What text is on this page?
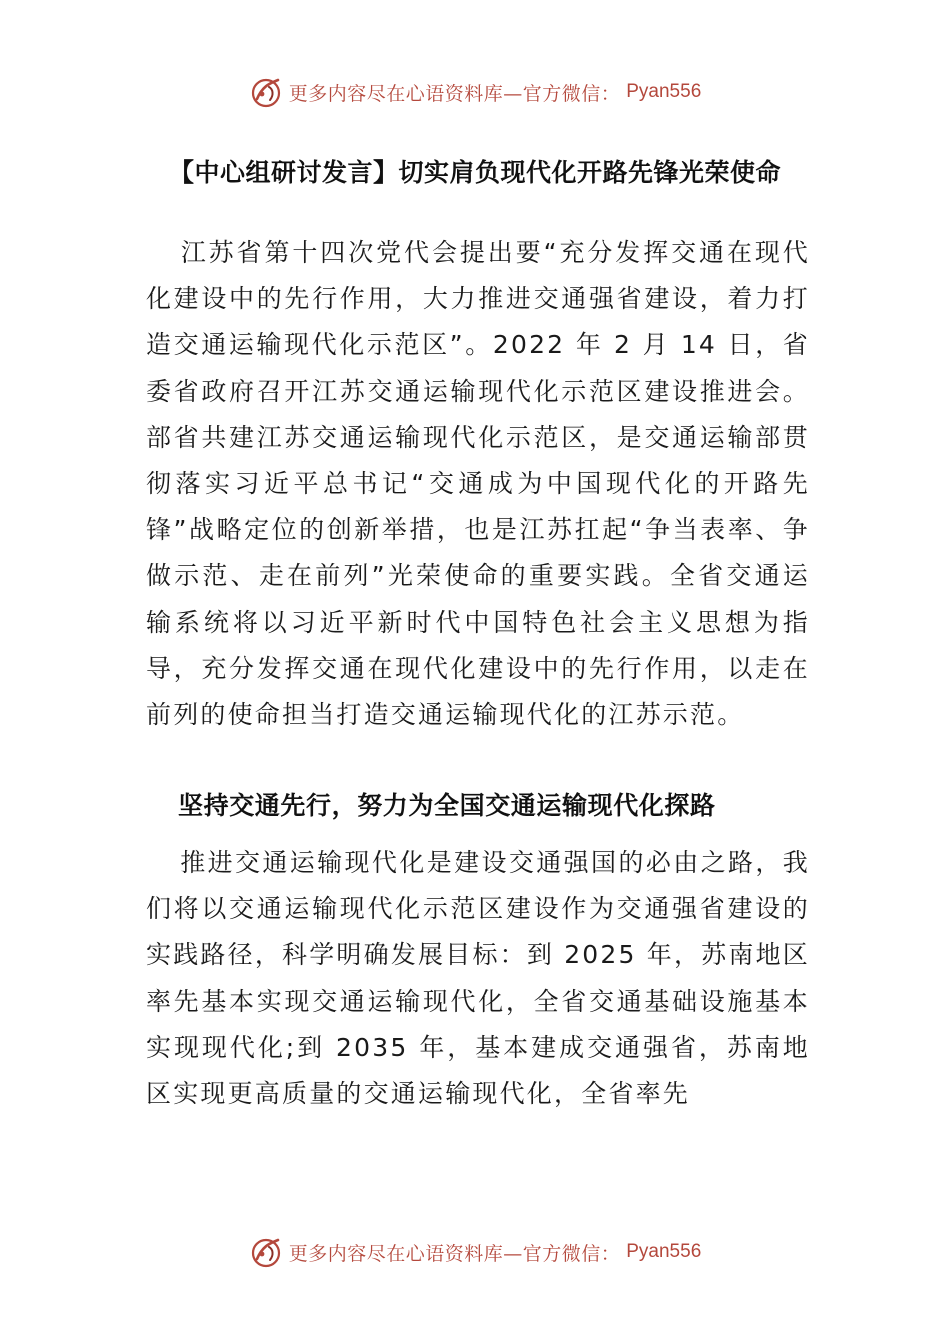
更多内容尽在心语资料库—官方微信： Pyan556
【中心组研讨发言】切实肩负现代化开路先锋光荣使命

江苏省第十四次党代会提出要“充分发挥交通在现代化建设中的先行作用，大力推进交通强省建设，着力打造交通运输现代化示范区”。2022 年 2 月 14 日，省委省政府召开江苏交通运输现代化示范区建设推进会。部省共建江苏交通运输现代化示范区，是交通运输部贯彻落实习近平总书记“交通成为中国现代化的开路先锋”战略定位的创新举措，也是江苏扛起“争当表率、争做示范、走在前列”光荣使命的重要实践。全省交通运输系统将以习近平新时代中国特色社会主义思想为指导，充分发挥交通在现代化建设中的先行作用，以走在前列的使命担当打造交通运输现代化的江苏示范。

坚持交通先行，努力为全国交通运输现代化探路

推进交通运输现代化是建设交通强国的必由之路，我们将以交通运输现代化示范区建设作为交通强省建设的实践路径，科学明确发展目标：到 2025 年，苏南地区率先基本实现交通运输现代化，全省交通基础设施基本实现现代化;到 2035 年，基本建成交通强省，苏南地区实现更高质量的交通运输现代化，全省率先

更多内容尽在心语资料库—官方微信： Pyan556
